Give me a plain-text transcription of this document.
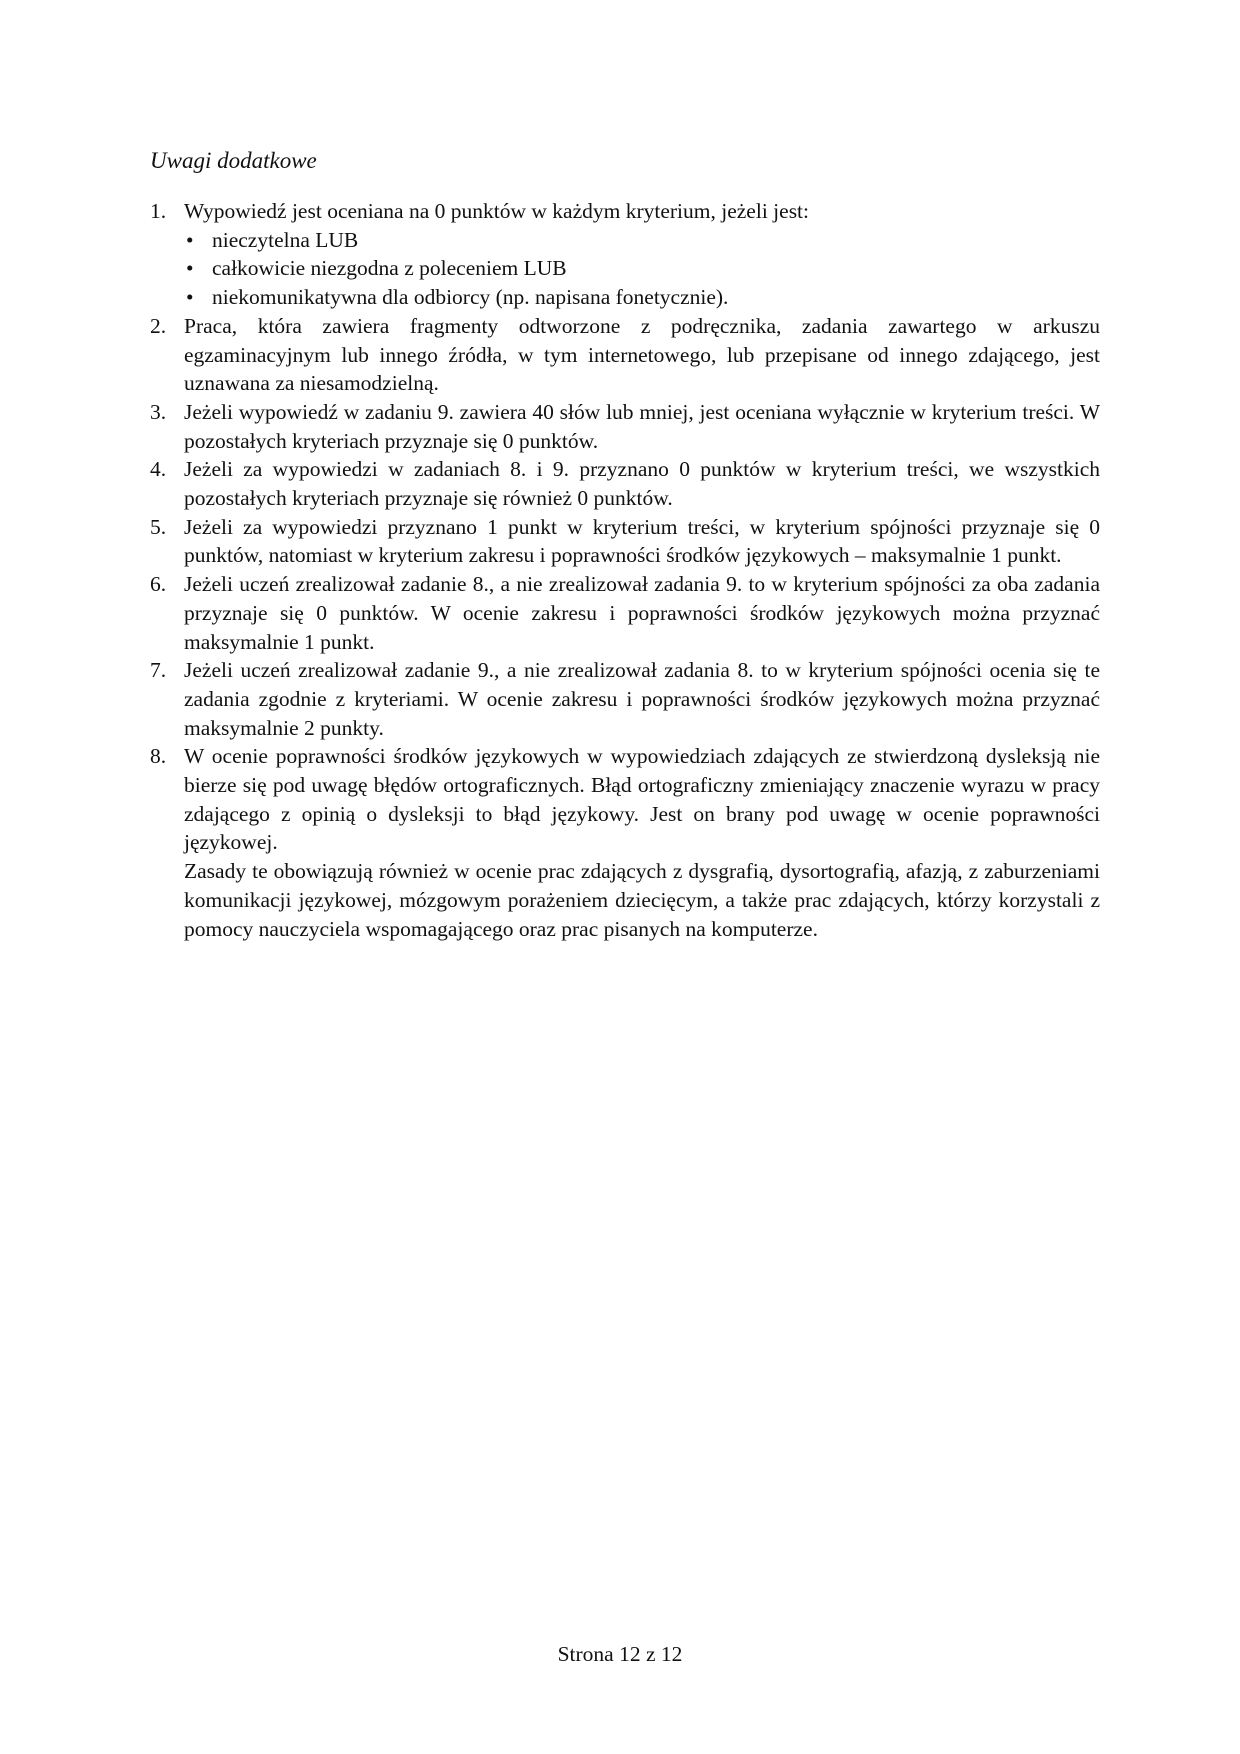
Uwagi dodatkowe
1. Wypowiedź jest oceniana na 0 punktów w każdym kryterium, jeżeli jest:
• nieczytelna LUB
• całkowicie niezgodna z poleceniem LUB
• niekomunikatywna dla odbiorcy (np. napisana fonetycznie).
2. Praca, która zawiera fragmenty odtworzone z podręcznika, zadania zawartego w arkuszu egzaminacyjnym lub innego źródła, w tym internetowego, lub przepisane od innego zdającego, jest uznawana za niesamodzielną.
3. Jeżeli wypowiedź w zadaniu 9. zawiera 40 słów lub mniej, jest oceniana wyłącznie w kryterium treści. W pozostałych kryteriach przyznaje się 0 punktów.
4. Jeżeli za wypowiedzi w zadaniach 8. i 9. przyznano 0 punktów w kryterium treści, we wszystkich pozostałych kryteriach przyznaje się również 0 punktów.
5. Jeżeli za wypowiedzi przyznano 1 punkt w kryterium treści, w kryterium spójności przyznaje się 0 punktów, natomiast w kryterium zakresu i poprawności środków językowych – maksymalnie 1 punkt.
6. Jeżeli uczeń zrealizował zadanie 8., a nie zrealizował zadania 9. to w kryterium spójności za oba zadania przyznaje się 0 punktów. W ocenie zakresu i poprawności środków językowych można przyznać maksymalnie 1 punkt.
7. Jeżeli uczeń zrealizował zadanie 9., a nie zrealizował zadania 8. to w kryterium spójności ocenia się te zadania zgodnie z kryteriami. W ocenie zakresu i poprawności środków językowych można przyznać maksymalnie 2 punkty.
8. W ocenie poprawności środków językowych w wypowiedziach zdających ze stwierdzoną dysleksją nie bierze się pod uwagę błędów ortograficznych. Błąd ortograficzny zmieniający znaczenie wyrazu w pracy zdającego z opinią o dysleksji to błąd językowy. Jest on brany pod uwagę w ocenie poprawności językowej.
Zasady te obowiązują również w ocenie prac zdających z dysgrafią, dysortografią, afazją, z zaburzeniami komunikacji językowej, mózgowym porażeniem dziecięcym, a także prac zdających, którzy korzystali z pomocy nauczyciela wspomagającego oraz prac pisanych na komputerze.
Strona 12 z 12
